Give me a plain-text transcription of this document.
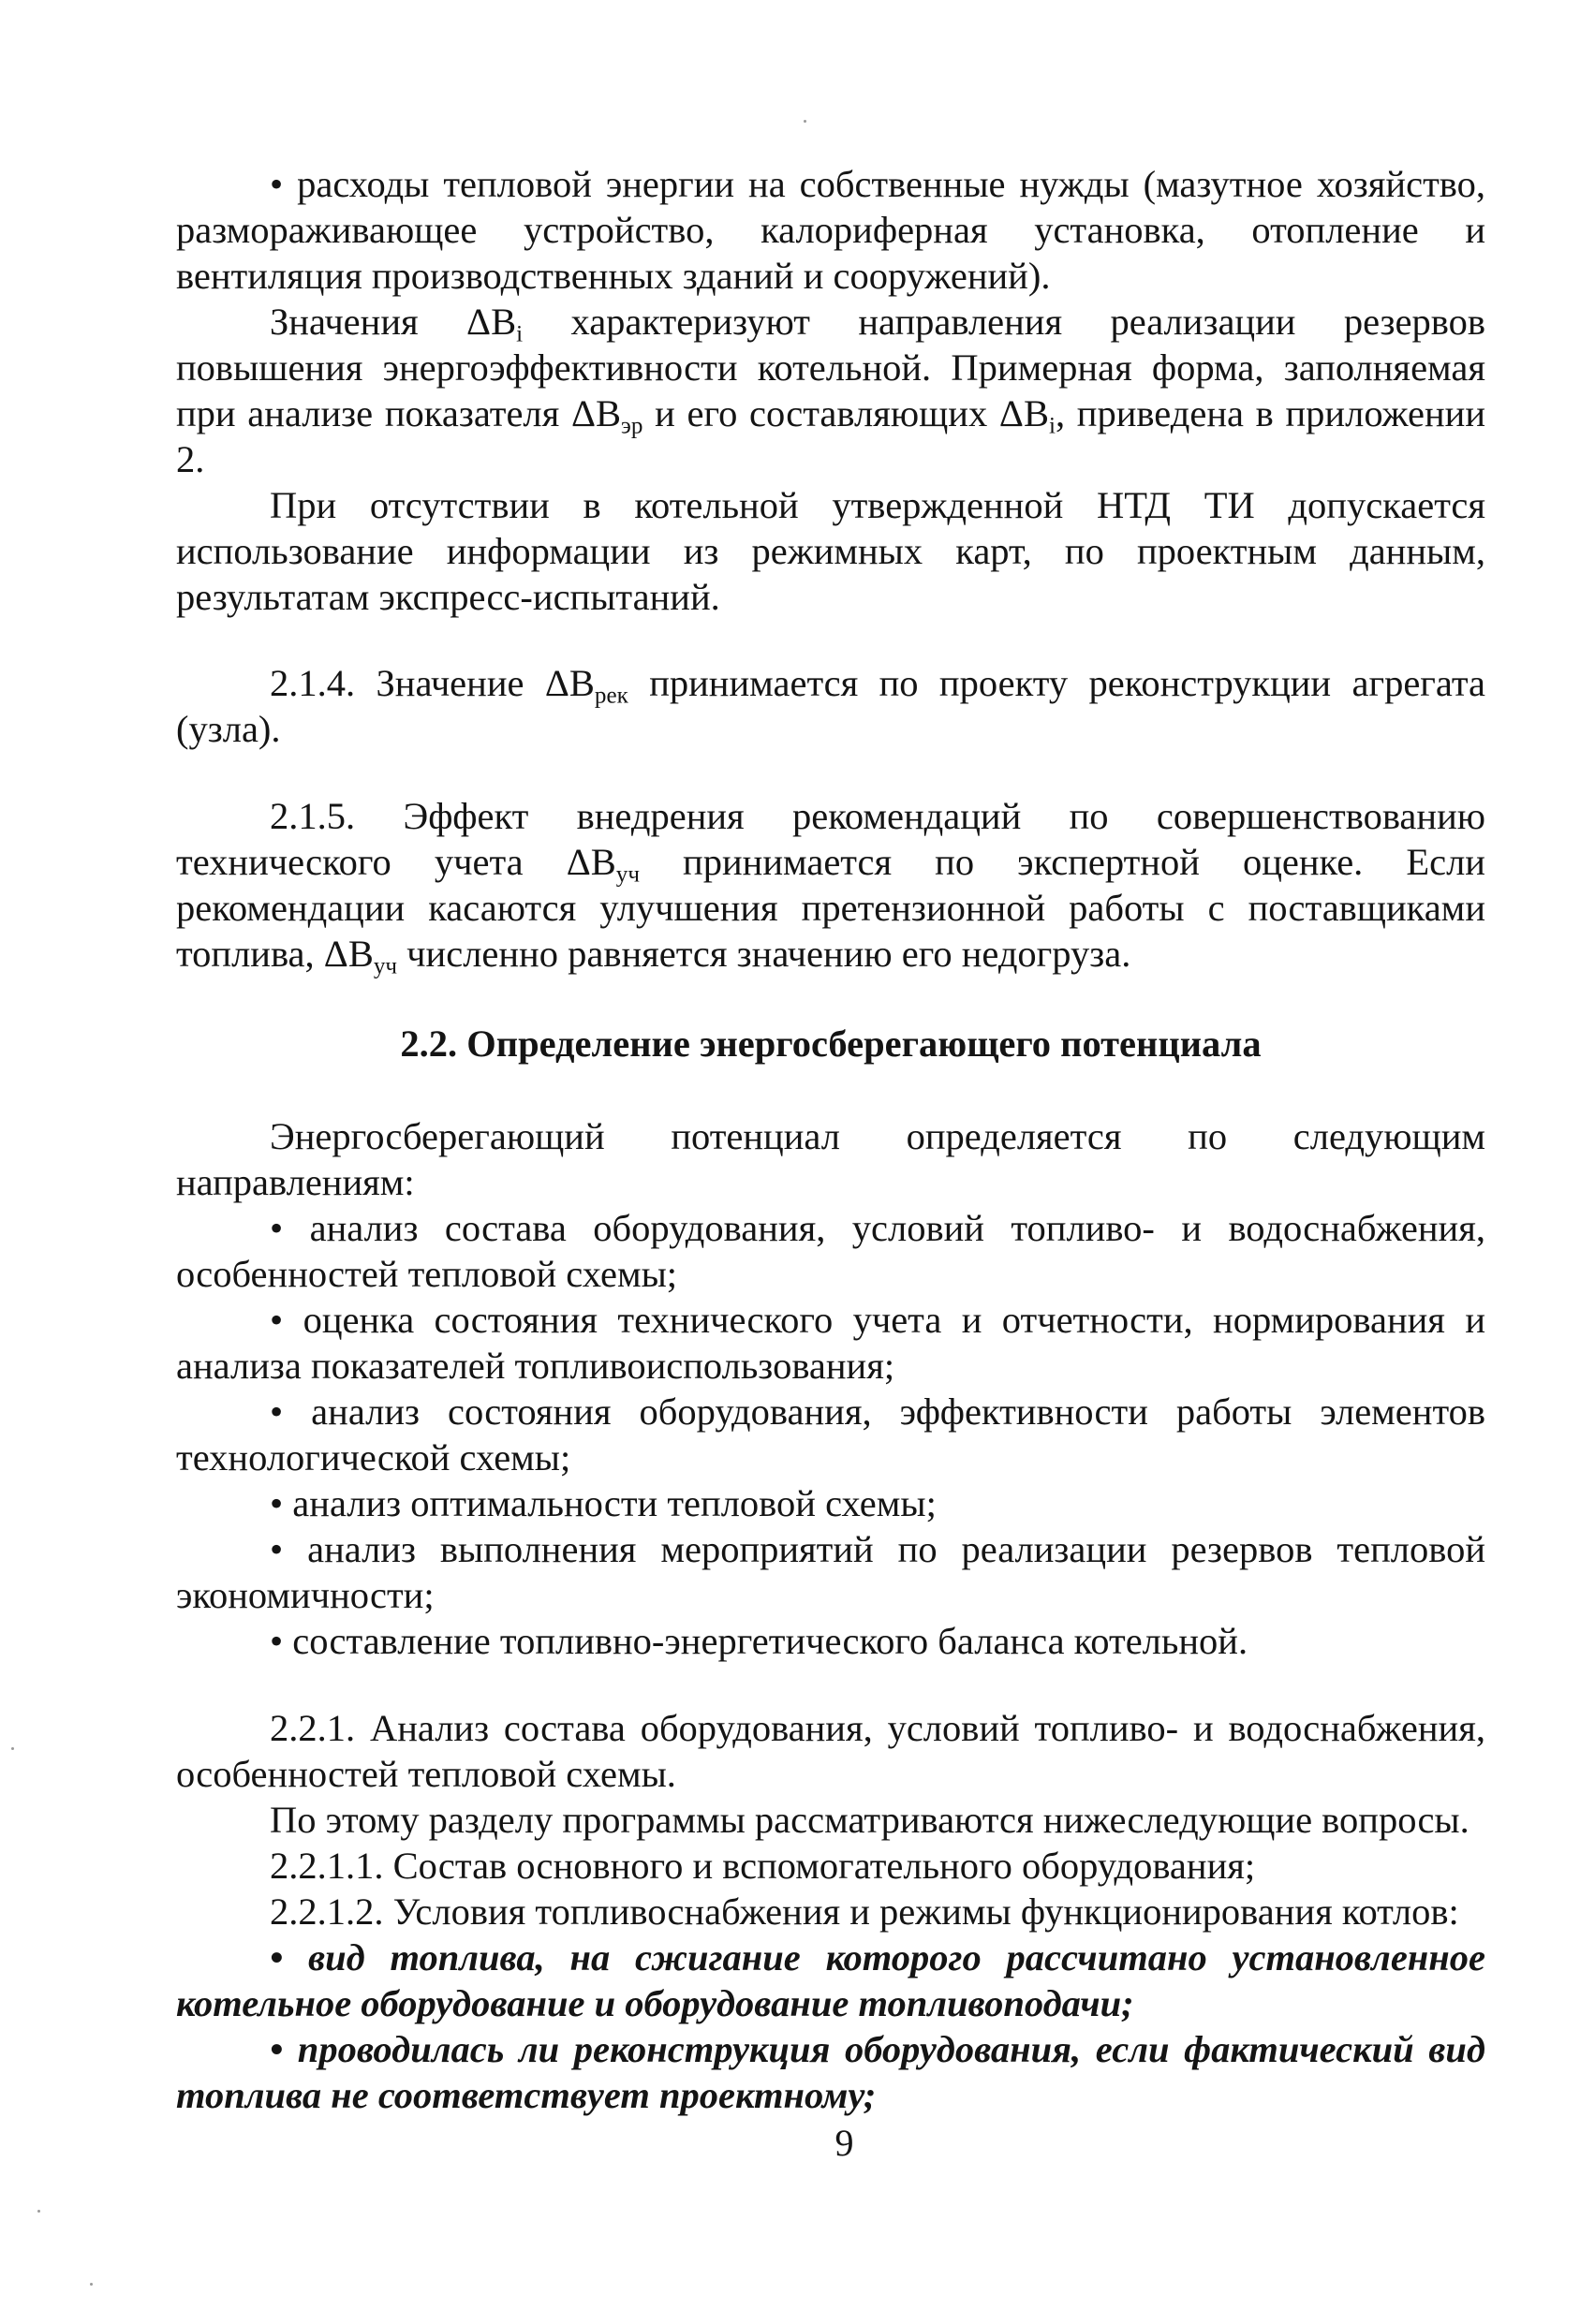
• расходы тепловой энергии на собственные нужды (мазутное хозяйство, размораживающее устройство, калориферная установка, отопление и вентиляция производственных зданий и сооружений).

Значения $\Delta B_i$ характеризуют направления реализации резервов повышения энергоэффективности котельной. Примерная форма, заполняемая при анализе показателя $\Delta B_{эр}$ и его составляющих $\Delta B_i$, приведена в приложении 2.

При отсутствии в котельной утвержденной НТД ТИ допускается использование информации из режимных карт, по проектным данным, результатам экспресс-испытаний.

2.1.4. Значение $\Delta B_{рек}$ принимается по проекту реконструкции агрегата (узла).

2.1.5. Эффект внедрения рекомендаций по совершенствованию технического учета $\Delta B_{уч}$ принимается по экспертной оценке. Если рекомендации касаются улучшения претензионной работы с поставщиками топлива, $\Delta B_{уч}$ численно равняется значению его недогруза.

2.2. Определение энергосберегающего потенциала

Энергосберегающий потенциал определяется по следующим направлениям:

• анализ состава оборудования, условий топливо- и водоснабжения, особенностей тепловой схемы;

• оценка состояния технического учета и отчетности, нормирования и анализа показателей топливоиспользования;

• анализ состояния оборудования, эффективности работы элементов технологической схемы;

• анализ оптимальности тепловой схемы;

• анализ выполнения мероприятий по реализации резервов тепловой экономичности;

• составление топливно-энергетического баланса котельной.

2.2.1. Анализ состава оборудования, условий топливо- и водоснабжения, особенностей тепловой схемы.

По этому разделу программы рассматриваются нижеследующие вопросы.

2.2.1.1. Состав основного и вспомогательного оборудования;

2.2.1.2. Условия топливоснабжения и режимы функционирования котлов:

• вид топлива, на сжигание которого рассчитано установленное котельное оборудование и оборудование топливоподачи;

• проводилась ли реконструкция оборудования, если фактический вид топлива не соответствует проектному;

9
